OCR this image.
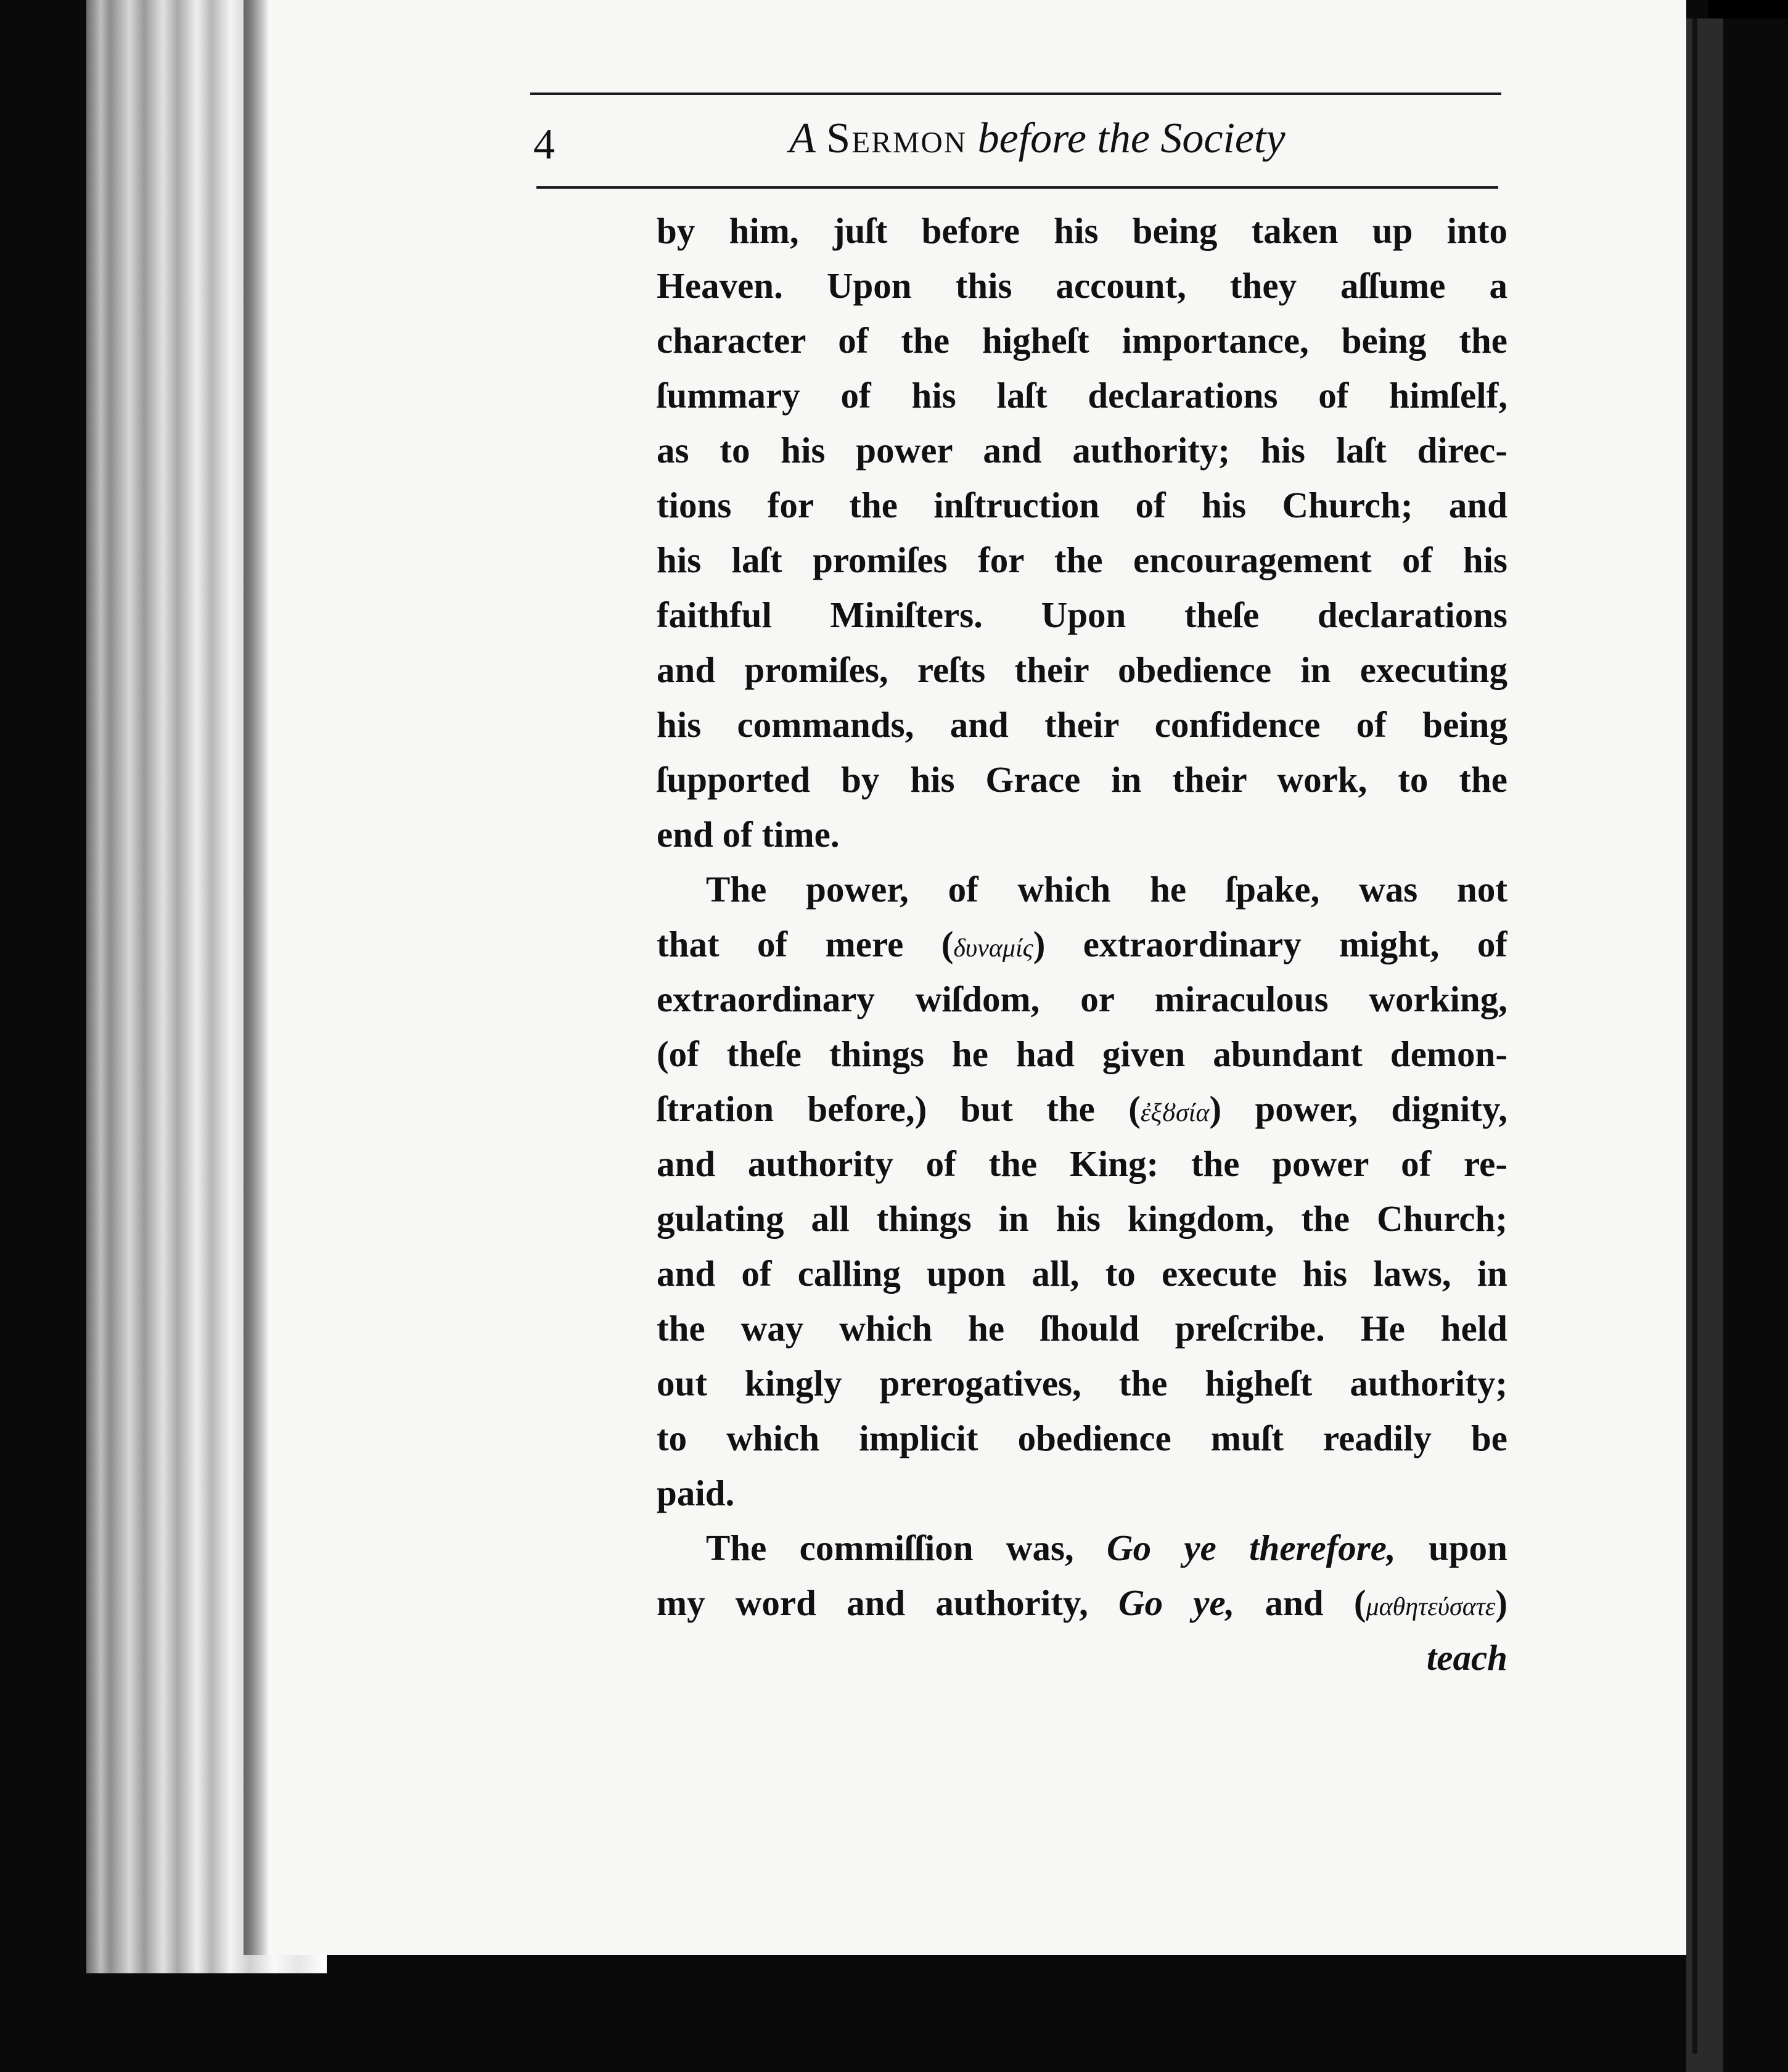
4	A Sermon before the Society
by him, juſt before his being taken up into
Heaven. Upon this account, they aſſume a
character of the higheſt importance, being the
ſummary of his laſt declarations of himſelf,
as to his power and authority; his laſt direc-
tions for the inſtruction of his Church; and
his laſt promiſes for the encouragement of his
faithful Miniſters. Upon theſe declarations
and promiſes, reſts their obedience in executing
his commands, and their confidence of being
ſupported by his Grace in their work, to the
end of time.
The power, of which he ſpake, was not
that of mere (δυναμίς) extraordinary might, of
extraordinary wiſdom, or miraculous working,
(of theſe things he had given abundant demon-
ſtration before,) but the (ἐξȣσία) power, dignity,
and authority of the King: the power of re-
gulating all things in his kingdom, the Church;
and of calling upon all, to execute his laws, in
the way which he ſhould preſcribe. He held
out kingly prerogatives, the higheſt authority;
to which implicit obedience muſt readily be
paid.
The commiſſion was, Go ye therefore, upon
my word and authority, Go ye, and (μαθητεύσατε)
teach
